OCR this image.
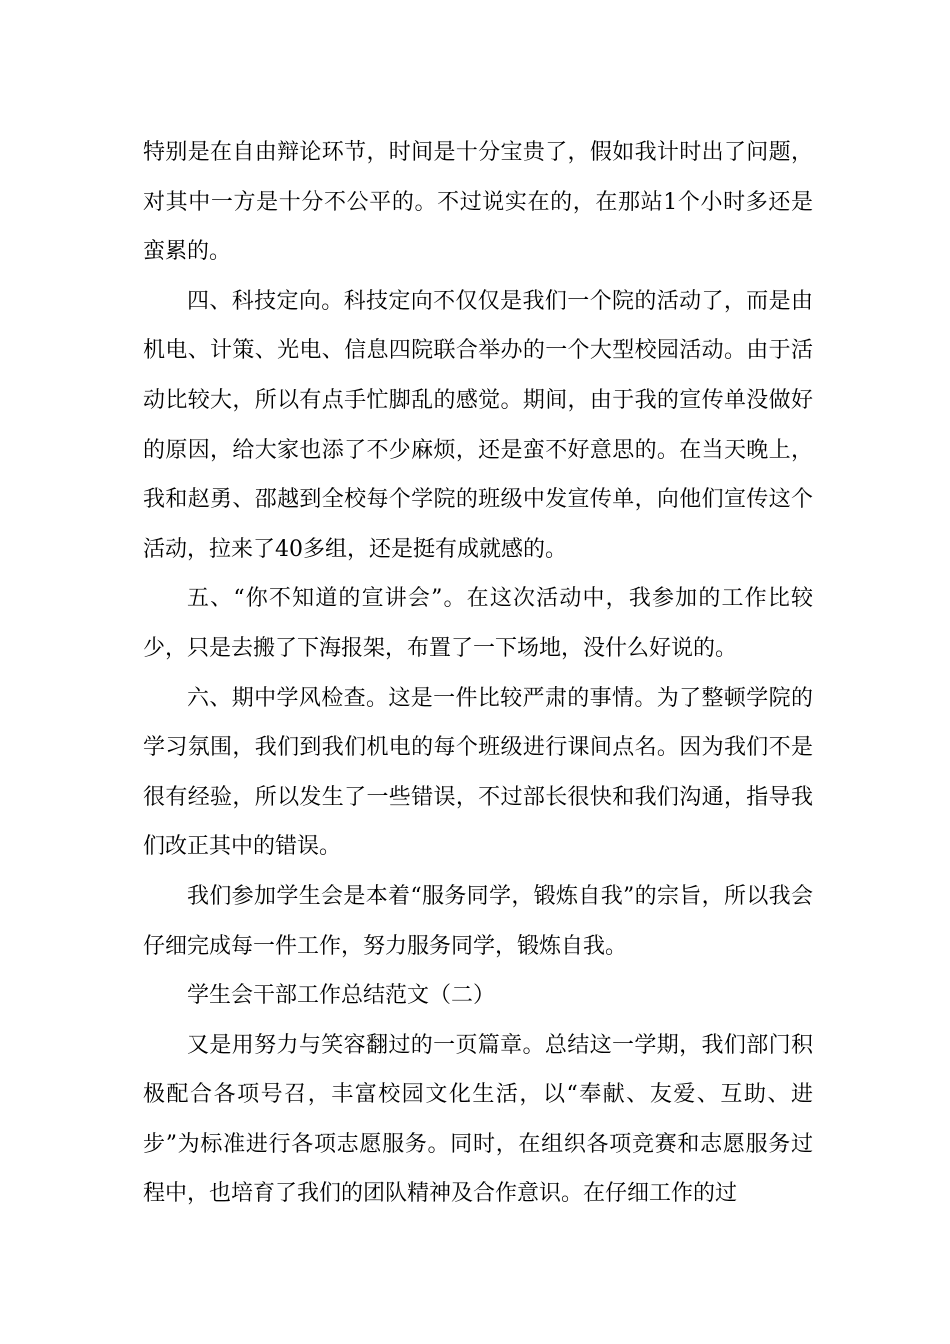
特别是在自由辩论环节，时间是十分宝贵了，假如我计时出了问题，对其中一方是十分不公平的。不过说实在的，在那站1个小时多还是蛮累的。

四、科技定向。科技定向不仅仅是我们一个院的活动了，而是由机电、计策、光电、信息四院联合举办的一个大型校园活动。由于活动比较大，所以有点手忙脚乱的感觉。期间，由于我的宣传单没做好的原因，给大家也添了不少麻烦，还是蛮不好意思的。在当天晚上，我和赵勇、邵越到全校每个学院的班级中发宣传单，向他们宣传这个活动，拉来了40多组，还是挺有成就感的。

五、“你不知道的宣讲会”。在这次活动中，我参加的工作比较少，只是去搬了下海报架，布置了一下场地，没什么好说的。

六、期中学风检查。这是一件比较严肃的事情。为了整顿学院的学习氛围，我们到我们机电的每个班级进行课间点名。因为我们不是很有经验，所以发生了一些错误，不过部长很快和我们沟通，指导我们改正其中的错误。

我们参加学生会是本着“服务同学，锻炼自我”的宗旨，所以我会仔细完成每一件工作，努力服务同学，锻炼自我。

学生会干部工作总结范文（二）

又是用努力与笑容翻过的一页篇章。总结这一学期，我们部门积极配合各项号召，丰富校园文化生活，以“奉献、友爱、互助、进步”为标准进行各项志愿服务。同时，在组织各项竞赛和志愿服务过程中，也培育了我们的团队精神及合作意识。在仔细工作的过
